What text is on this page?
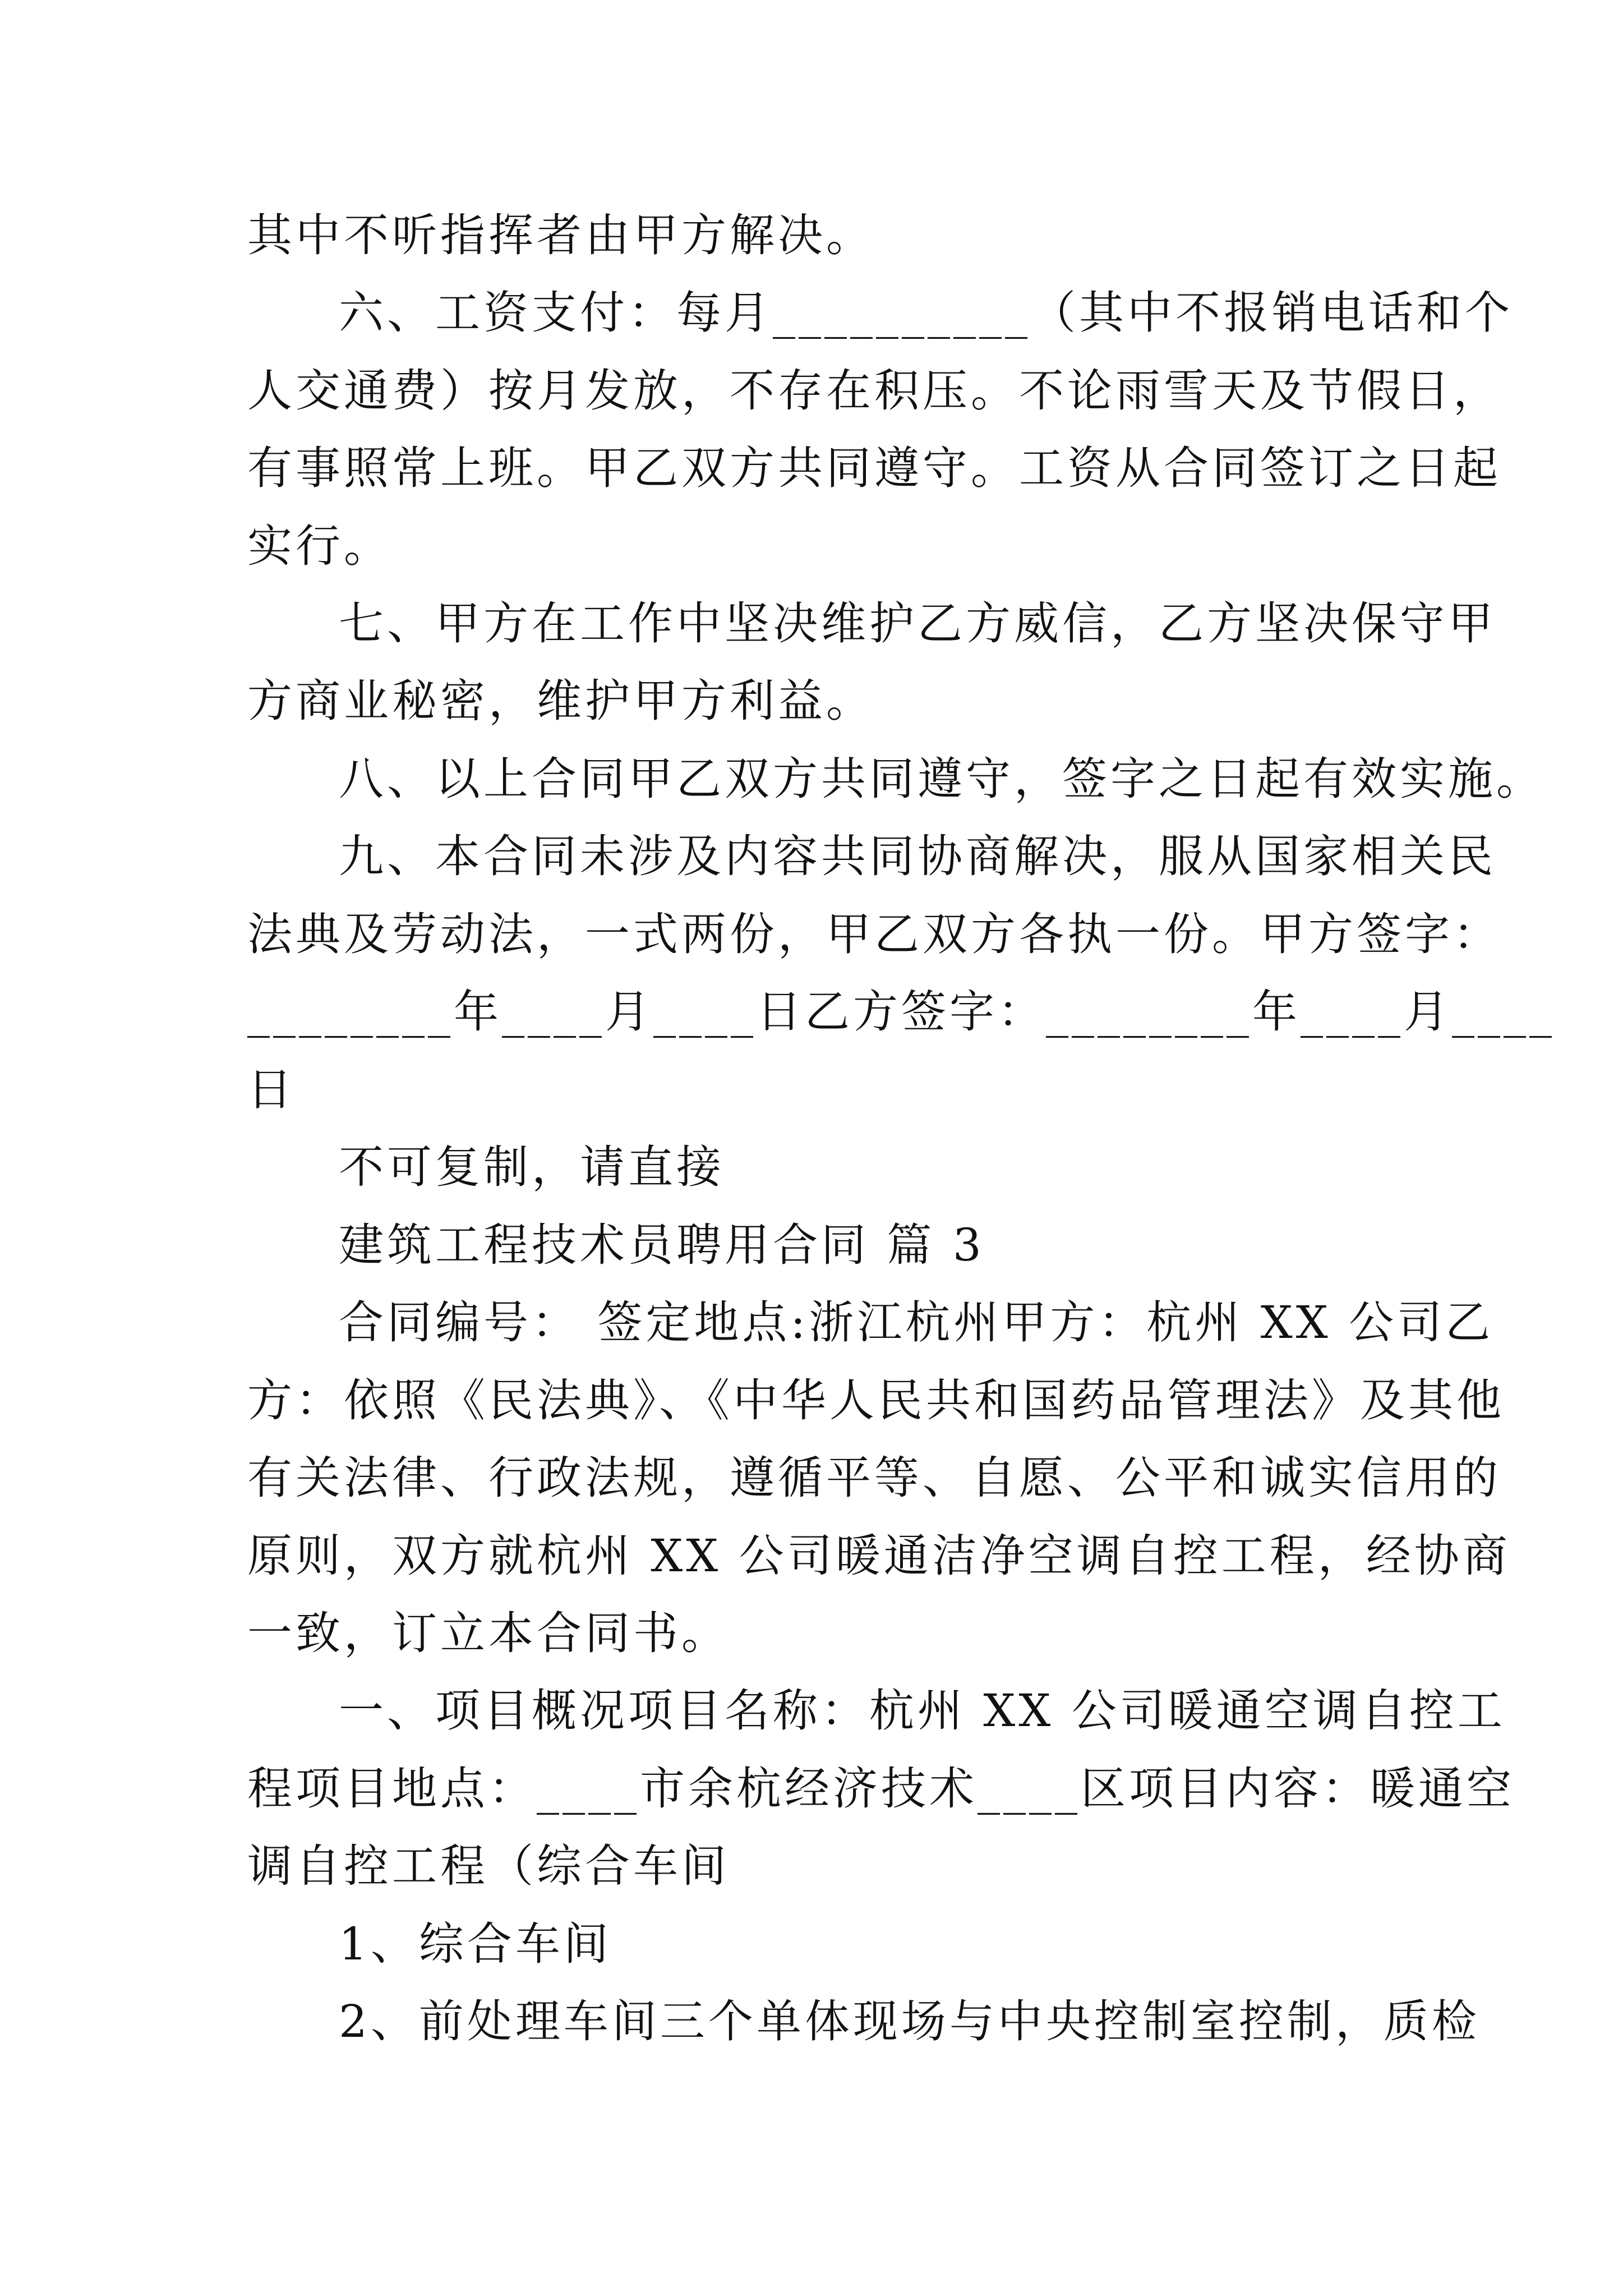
其中不听指挥者由甲方解决。
六、工资支付：每月__________（其中不报销电话和个
人交通费）按月发放，不存在积压。不论雨雪天及节假日，
有事照常上班。甲乙双方共同遵守。工资从合同签订之日起
实行。
七、甲方在工作中坚决维护乙方威信，乙方坚决保守甲
方商业秘密，维护甲方利益。
八、以上合同甲乙双方共同遵守，签字之日起有效实施。
九、本合同未涉及内容共同协商解决，服从国家相关民
法典及劳动法，一式两份，甲乙双方各执一份。甲方签字：
________年____月____日乙方签字：________年____月____
日
不可复制，请直接
建筑工程技术员聘用合同 篇 3
合同编号： 签定地点:浙江杭州甲方：杭州 XX 公司乙
方：依照《民法典》、《中华人民共和国药品管理法》及其他
有关法律、行政法规，遵循平等、自愿、公平和诚实信用的
原则，双方就杭州 XX 公司暖通洁净空调自控工程，经协商
一致，订立本合同书。
一、项目概况项目名称：杭州 XX 公司暖通空调自控工
程项目地点：____市余杭经济技术____区项目内容：暖通空
调自控工程（综合车间
1、综合车间
2、前处理车间三个单体现场与中央控制室控制，质检
